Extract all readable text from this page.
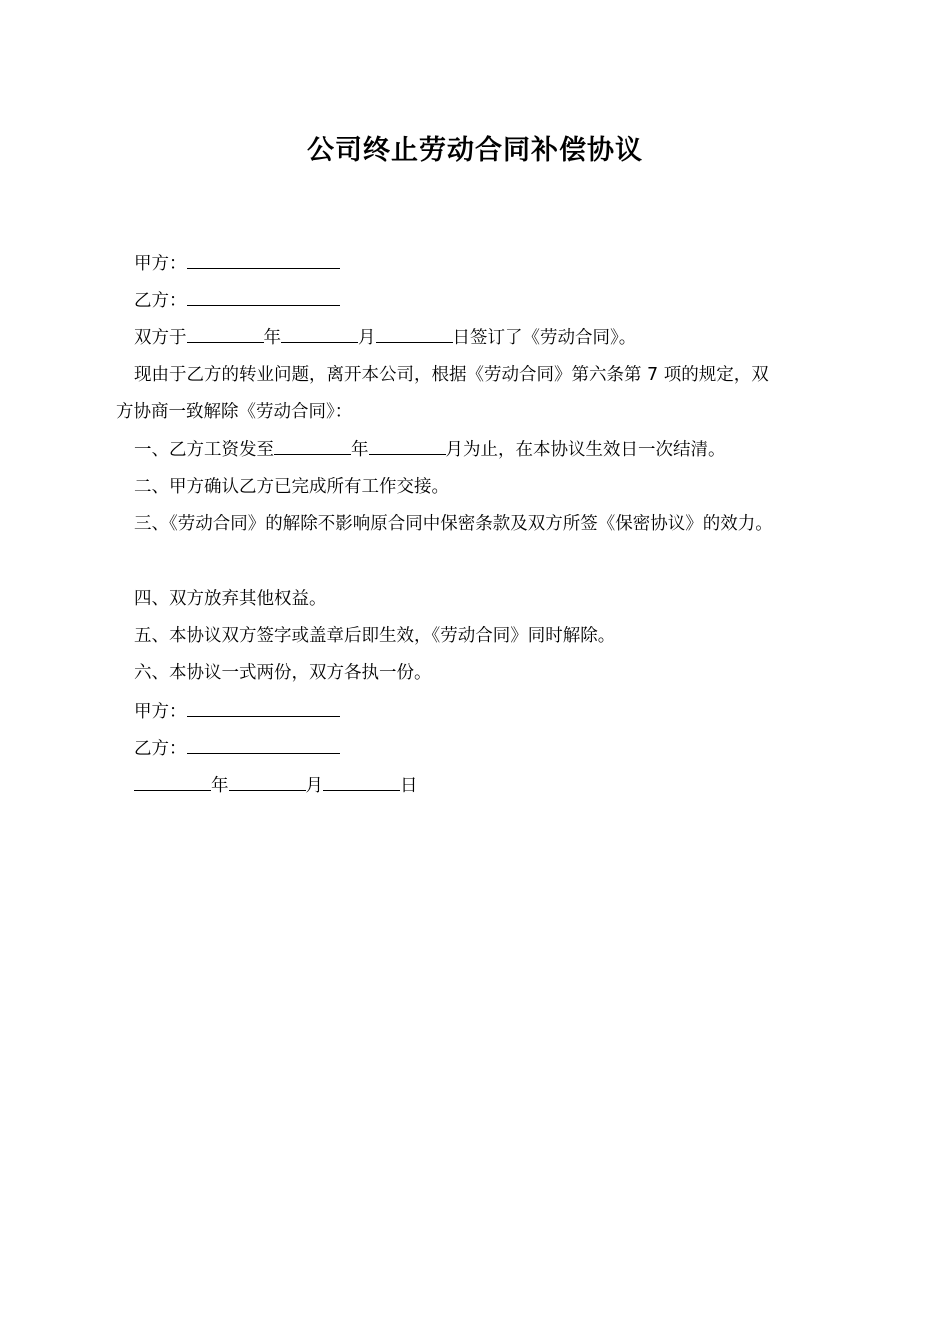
公司终止劳动合同补偿协议
甲方：
乙方：
双方于	年	月	日签订了《劳动合同》。
现由于乙方的转业问题，离开本公司，根据《劳动合同》第六条第 7 项的规定，双
方协商一致解除《劳动合同》：
一、乙方工资发至	年	月为止，在本协议生效日一次结清。
二、甲方确认乙方已完成所有工作交接。
三、《劳动合同》的解除不影响原合同中保密条款及双方所签《保密协议》的效力。
四、双方放弃其他权益。
五、本协议双方签字或盖章后即生效，《劳动合同》同时解除。
六、本协议一式两份，双方各执一份。
甲方：
乙方：
年	月	日
